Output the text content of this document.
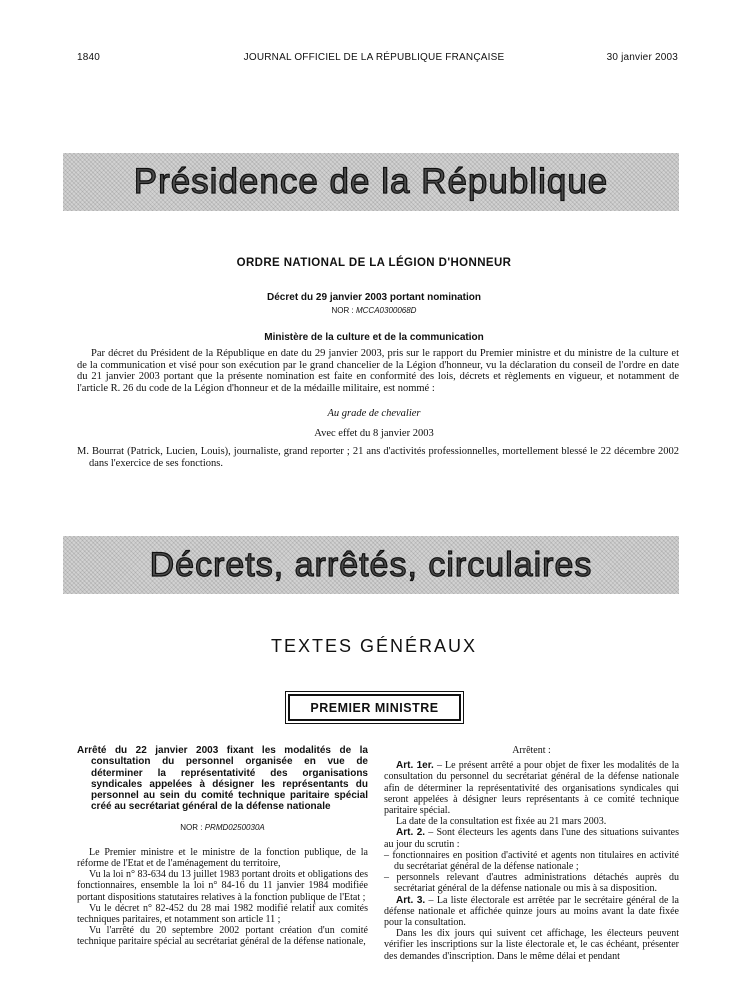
1840	JOURNAL OFFICIEL DE LA RÉPUBLIQUE FRANÇAISE	30 janvier 2003
Présidence de la République
ORDRE NATIONAL DE LA LÉGION D'HONNEUR
Décret du 29 janvier 2003 portant nomination
NOR : MCCA0300068D
Ministère de la culture et de la communication
Par décret du Président de la République en date du 29 janvier 2003, pris sur le rapport du Premier ministre et du ministre de la culture et de la communication et visé pour son exécution par le grand chancelier de la Légion d'honneur, vu la déclaration du conseil de l'ordre en date du 21 janvier 2003 portant que la présente nomination est faite en conformité des lois, décrets et règlements en vigueur, et notamment de l'article R. 26 du code de la Légion d'honneur et de la médaille militaire, est nommé :
Au grade de chevalier
Avec effet du 8 janvier 2003
M. Bourrat (Patrick, Lucien, Louis), journaliste, grand reporter ; 21 ans d'activités professionnelles, mortellement blessé le 22 décembre 2002 dans l'exercice de ses fonctions.
Décrets, arrêtés, circulaires
TEXTES GÉNÉRAUX
PREMIER MINISTRE
Arrêté du 22 janvier 2003 fixant les modalités de la consultation du personnel organisée en vue de déterminer la représentativité des organisations syndicales appelées à désigner les représentants du personnel au sein du comité technique paritaire spécial créé au secrétariat général de la défense nationale
NOR : PRMD0250030A

Le Premier ministre et le ministre de la fonction publique, de la réforme de l'Etat et de l'aménagement du territoire,

Vu la loi n° 83-634 du 13 juillet 1983 portant droits et obligations des fonctionnaires, ensemble la loi n° 84-16 du 11 janvier 1984 modifiée portant dispositions statutaires relatives à la fonction publique de l'Etat ;

Vu le décret n° 82-452 du 28 mai 1982 modifié relatif aux comités techniques paritaires, et notamment son article 11 ;

Vu l'arrêté du 20 septembre 2002 portant création d'un comité technique paritaire spécial au secrétariat général de la défense nationale,

Arrêtent :

Art. 1er. – Le présent arrêté a pour objet de fixer les modalités de la consultation du personnel du secrétariat général de la défense nationale afin de déterminer la représentativité des organisations syndicales qui seront appelées à désigner leurs représentants à ce comité technique paritaire spécial.

La date de la consultation est fixée au 21 mars 2003.

Art. 2. – Sont électeurs les agents dans l'une des situations suivantes au jour du scrutin :

– fonctionnaires en position d'activité et agents non titulaires en activité du secrétariat général de la défense nationale ;
– personnels relevant d'autres administrations détachés auprès du secrétariat général de la défense nationale ou mis à sa disposition.

Art. 3. – La liste électorale est arrêtée par le secrétaire général de la défense nationale et affichée quinze jours au moins avant la date fixée pour la consultation.

Dans les dix jours qui suivent cet affichage, les électeurs peuvent vérifier les inscriptions sur la liste électorale et, le cas échéant, présenter des demandes d'inscription. Dans le même délai et pendant
